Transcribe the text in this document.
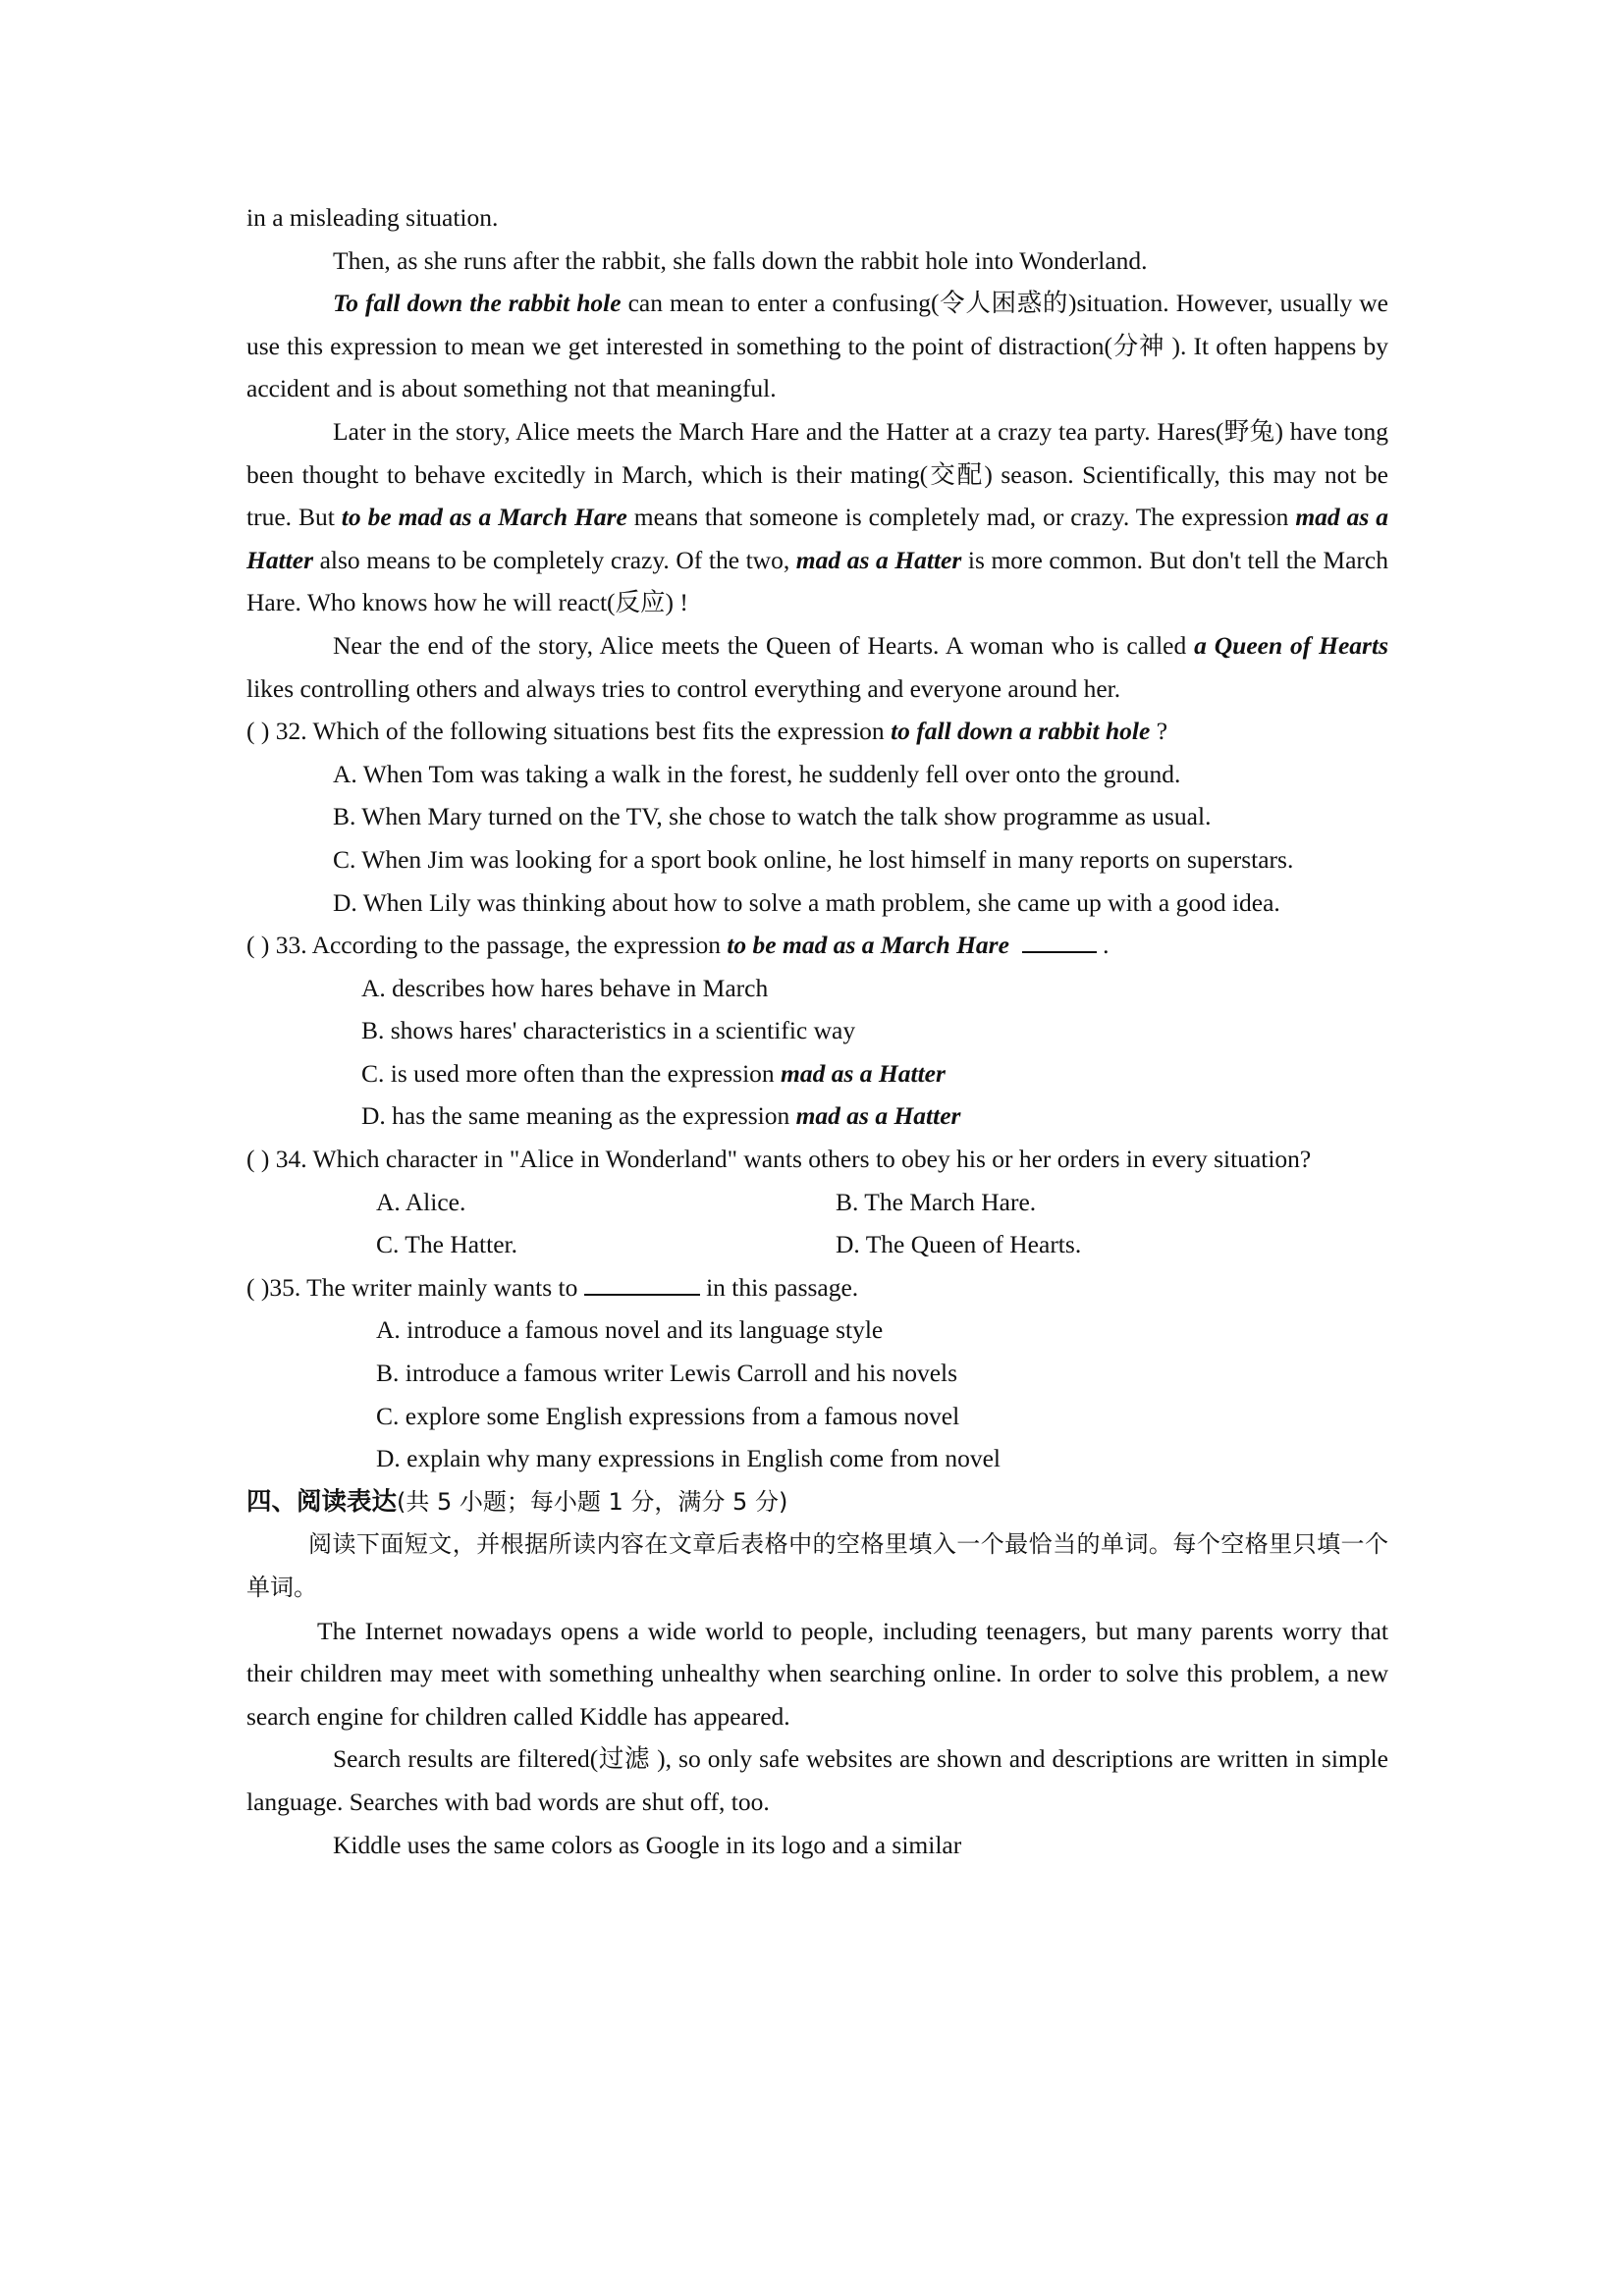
in a misleading situation.
Then, as she runs after the rabbit, she falls down the rabbit hole into Wonderland.
To fall down the rabbit hole can mean to enter a confusing(令人困惑的)situation. However, usually we use this expression to mean we get interested in something to the point of distraction(分神 ). It often happens by accident and is about something not that meaningful.
Later in the story, Alice meets the March Hare and the Hatter at a crazy tea party. Hares(野兔) have tong been thought to behave excitedly in March, which is their mating(交配) season. Scientifically, this may not be true. But to be mad as a March Hare means that someone is completely mad, or crazy. The expression mad as a Hatter also means to be completely crazy. Of the two, mad as a Hatter is more common. But don't tell the March Hare. Who knows how he will react(反应) !
Near the end of the story, Alice meets the Queen of Hearts. A woman who is called a Queen of Hearts likes controlling others and always tries to control everything and everyone around her.
( ) 32. Which of the following situations best fits the expression to fall down a rabbit hole ?
A. When Tom was taking a walk in the forest, he suddenly fell over onto the ground.
B. When Mary turned on the TV, she chose to watch the talk show programme as usual.
C. When Jim was looking for a sport book online, he lost himself in many reports on superstars.
D. When Lily was thinking about how to solve a math problem, she came up with a good idea.
( ) 33. According to the passage, the expression to be mad as a March Hare	.
A. describes how hares behave in March
B. shows hares' characteristics in a scientific way
C. is used more often than the expression mad as a Hatter
D. has the same meaning as the expression mad as a Hatter
( ) 34. Which character in "Alice in Wonderland" wants others to obey his or her orders in every situation?
A. Alice.	B. The March Hare.
C. The Hatter.	D. The Queen of Hearts.
( )35. The writer mainly wants to	in this passage.
A. introduce a famous novel and its language style
B. introduce a famous writer Lewis Carroll and his novels
C. explore some English expressions from a famous novel
D. explain why many expressions in English come from novel
四、阅读表达(共 5 小题；每小题 1 分，满分 5 分)
阅读下面短文，并根据所读内容在文章后表格中的空格里填入一个最恰当的单词。每个空格里只填一个单词。
The Internet nowadays opens a wide world to people, including teenagers, but many parents worry that their children may meet with something unhealthy when searching online. In order to solve this problem, a new search engine for children called Kiddle has appeared.
Search results are filtered(过滤 ), so only safe websites are shown and descriptions are written in simple language. Searches with bad words are shut off, too.
Kiddle uses the same colors as Google in its logo and a similar
